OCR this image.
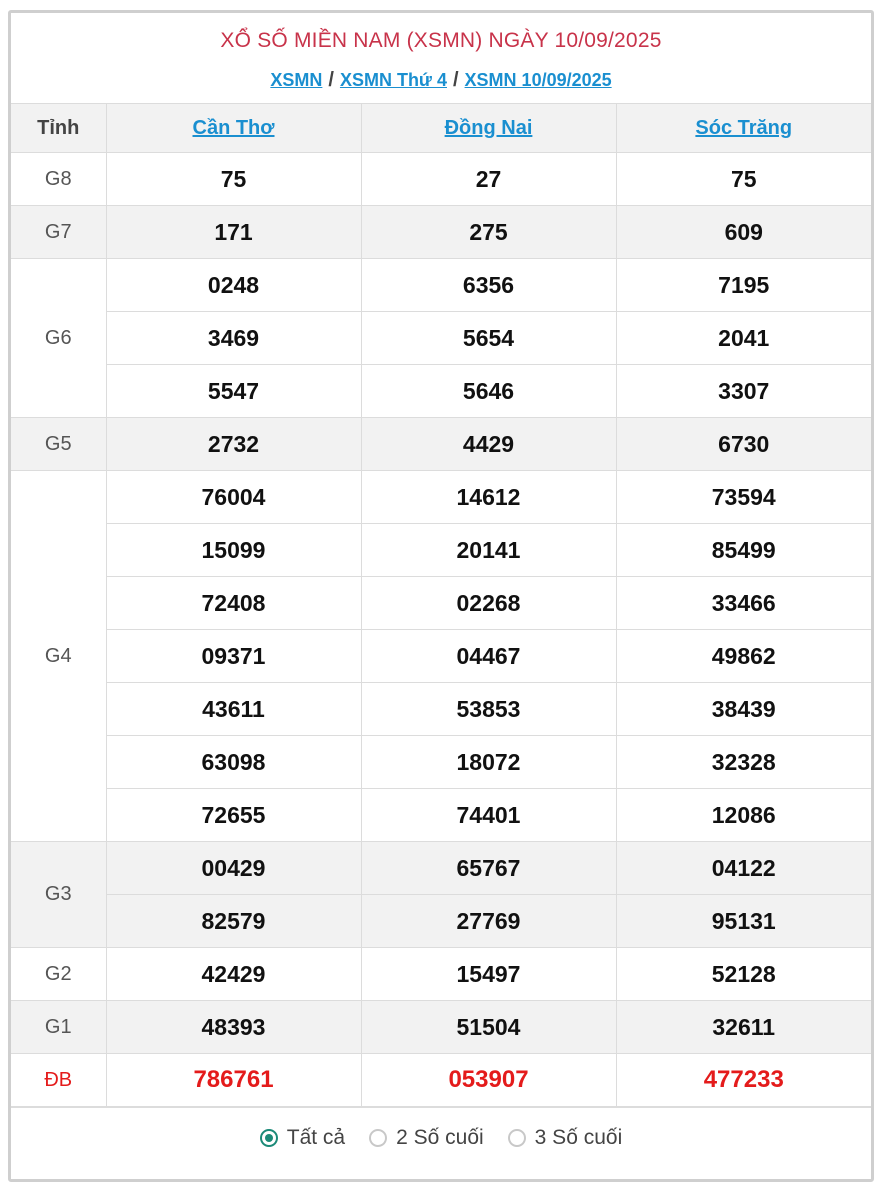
XỔ SỐ MIỀN NAM (XSMN) NGÀY 10/09/2025
XSMN / XSMN Thứ 4 / XSMN 10/09/2025
Tỉnh	Cần Thơ	Đồng Nai	Sóc Trăng
G8	75	27	75
G7	171	275	609
G6	0248	6356	7195
	3469	5654	2041
	5547	5646	3307
G5	2732	4429	6730
G4	76004	14612	73594
	15099	20141	85499
	72408	02268	33466
	09371	04467	49862
	43611	53853	38439
	63098	18072	32328
	72655	74401	12086
G3	00429	65767	04122
	82579	27769	95131
G2	42429	15497	52128
G1	48393	51504	32611
ĐB	786761	053907	477233
Tất cả 2 Số cuối 3 Số cuối
